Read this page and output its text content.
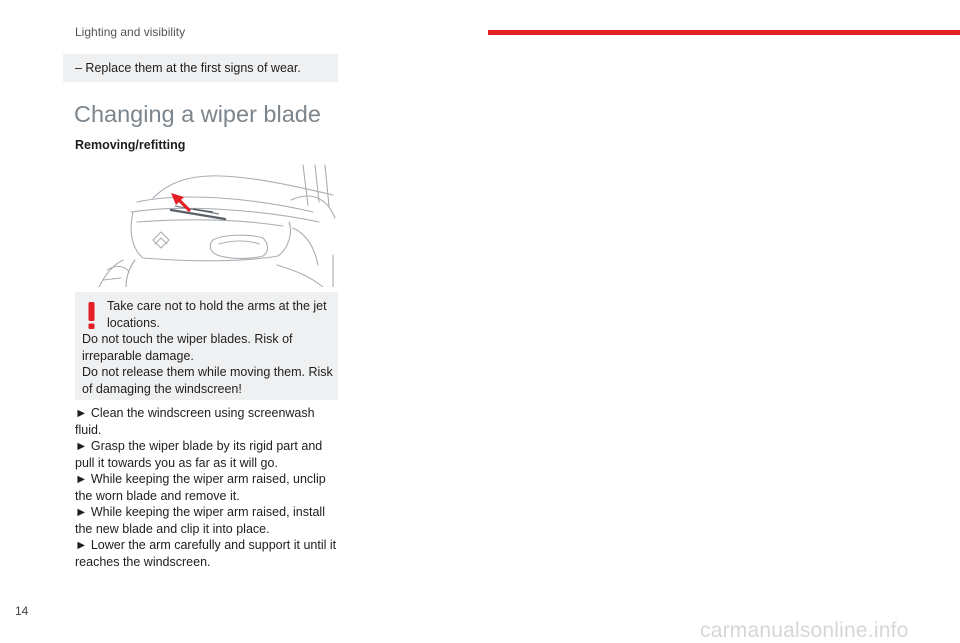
Lighting and visibility
– Replace them at the first signs of wear.
Changing a wiper blade
Removing/refitting
Take care not to hold the arms at the jet
locations.
Do not touch the wiper blades. Risk of
irreparable damage.
Do not release them while moving them. Risk
of damaging the windscreen!
► Clean the windscreen using screenwash
fluid.
► Grasp the wiper blade by its rigid part and
pull it towards you as far as it will go.
► While keeping the wiper arm raised, unclip
the worn blade and remove it.
► While keeping the wiper arm raised, install
the new blade and clip it into place.
► Lower the arm carefully and support it until it
reaches the windscreen.
14
carmanualsonline.info
